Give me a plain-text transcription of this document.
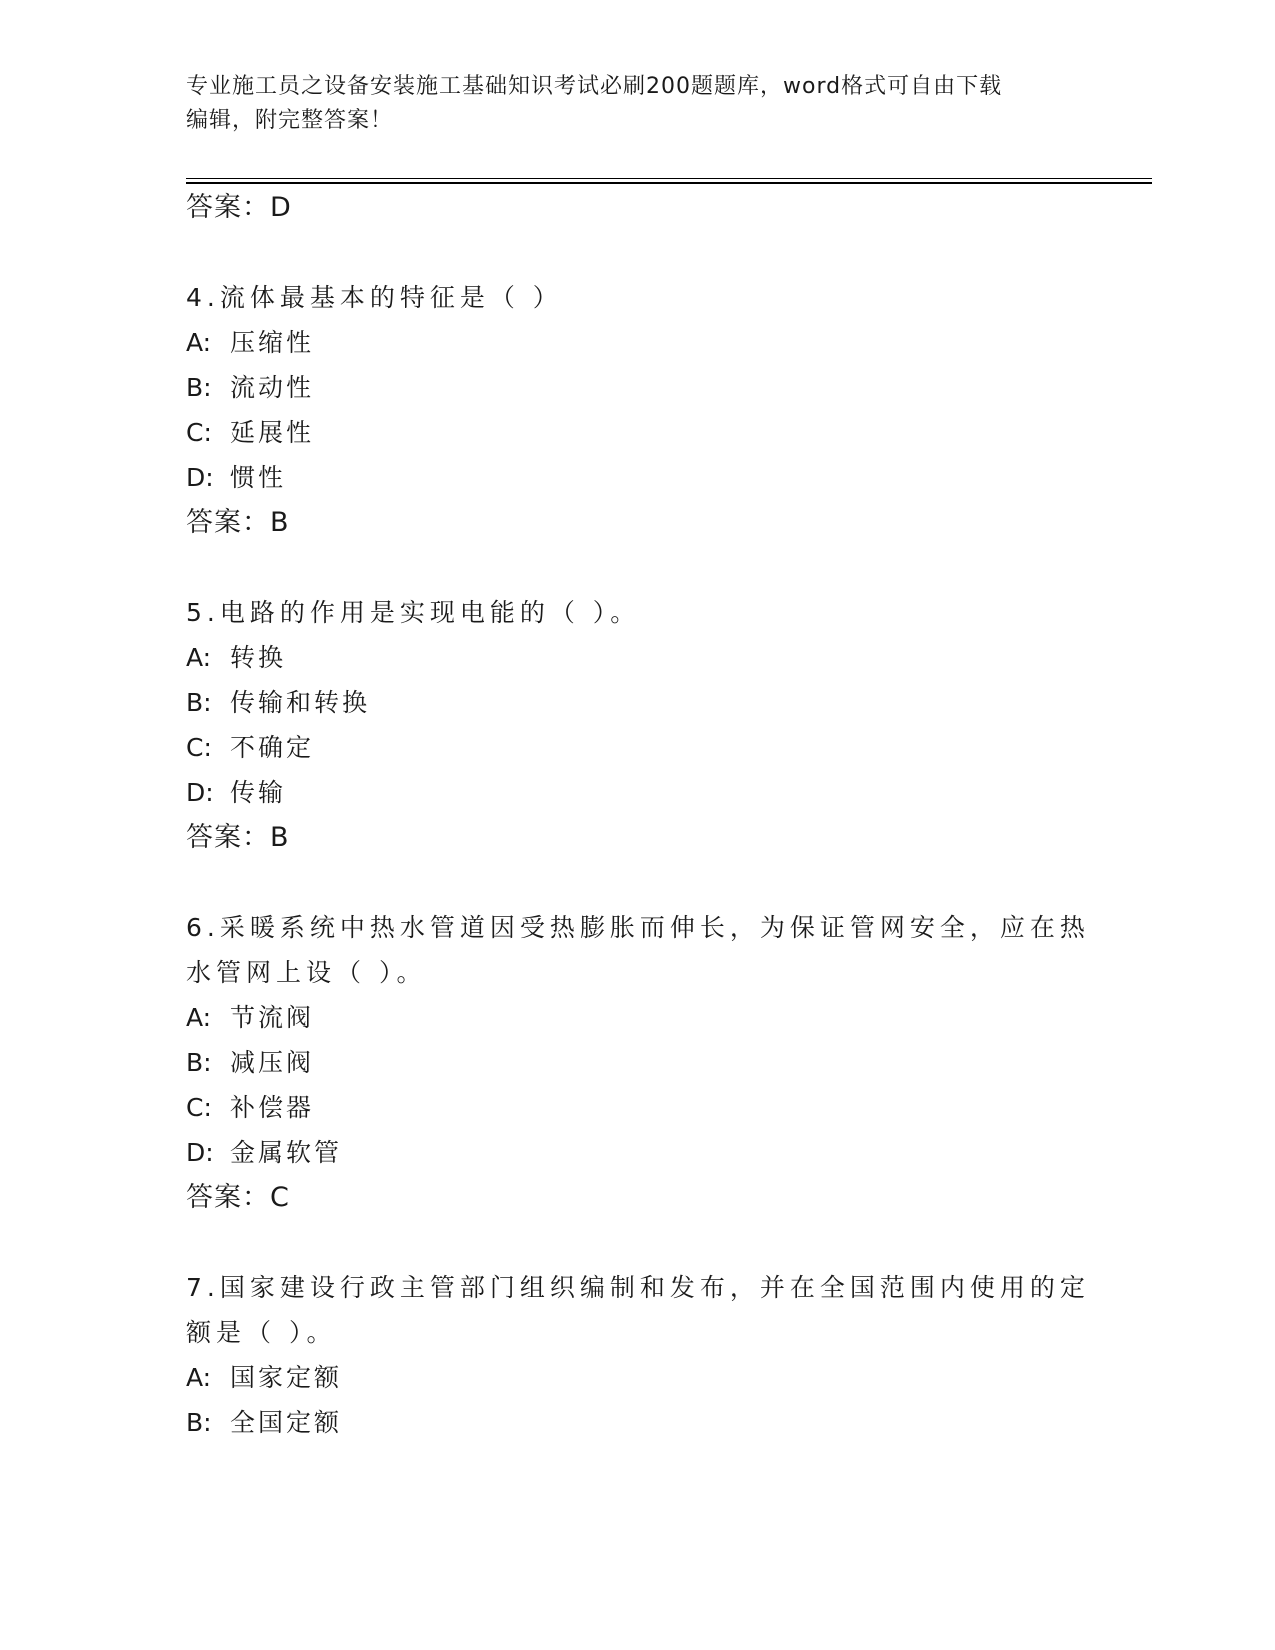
专业施工员之设备安装施工基础知识考试必刷200题题库，word格式可自由下载
编辑，附完整答案！
答案：D
4.流体最基本的特征是（ ）
A: 压缩性
B: 流动性
C: 延展性
D: 惯性
答案：B
5.电路的作用是实现电能的（ ）。
A: 转换
B: 传输和转换
C: 不确定
D: 传输
答案：B
6.采暖系统中热水管道因受热膨胀而伸长，为保证管网安全，应在热
水管网上设（ ）。
A: 节流阀
B: 减压阀
C: 补偿器
D: 金属软管
答案：C
7.国家建设行政主管部门组织编制和发布，并在全国范围内使用的定
额是（ ）。
A: 国家定额
B: 全国定额
